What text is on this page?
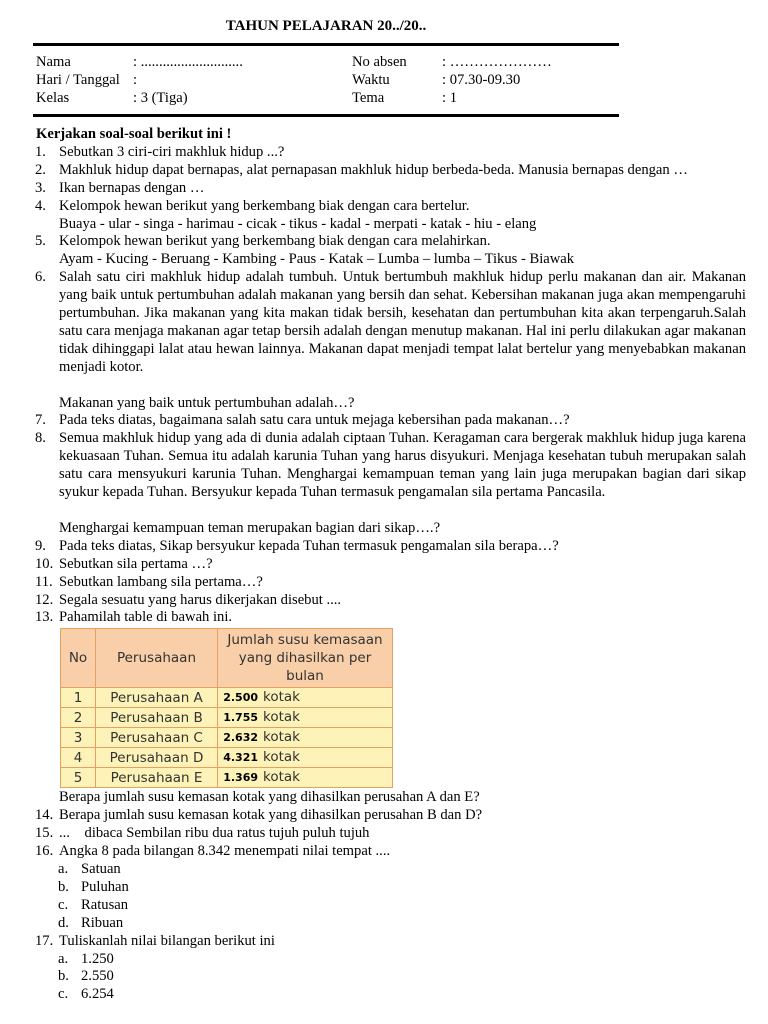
TAHUN PELAJARAN 20../20..
Nama	: ............................	No absen : …………………
Hari / Tanggal :	Waktu	: 07.30-09.30
Kelas	: 3 (Tiga)	Tema	: 1
Kerjakan soal-soal berikut ini !
1. Sebutkan 3 ciri-ciri makhluk hidup ...?
2. Makhluk hidup dapat bernapas, alat pernapasan makhluk hidup berbeda-beda. Manusia bernapas dengan …
3. Ikan bernapas dengan …
4. Kelompok hewan berikut yang berkembang biak dengan cara bertelur.
Buaya - ular - singa - harimau - cicak - tikus - kadal - merpati - katak - hiu - elang
5. Kelompok hewan berikut yang berkembang biak dengan cara melahirkan.
Ayam - Kucing - Beruang - Kambing - Paus - Katak – Lumba – lumba – Tikus - Biawak
6. Salah satu ciri makhluk hidup adalah tumbuh. Untuk bertumbuh makhluk hidup perlu makanan dan air. Makanan yang baik untuk pertumbuhan adalah makanan yang bersih dan sehat. Kebersihan makanan juga akan mempengaruhi pertumbuhan. Jika makanan yang kita makan tidak bersih, kesehatan dan pertumbuhan kita akan terpengaruh.Salah satu cara menjaga makanan agar tetap bersih adalah dengan menutup makanan. Hal ini perlu dilakukan agar makanan tidak dihinggapi lalat atau hewan lainnya. Makanan dapat menjadi tempat lalat bertelur yang menyebabkan makanan menjadi kotor.
Makanan yang baik untuk pertumbuhan adalah…?
7. Pada teks diatas, bagaimana salah satu cara untuk mejaga kebersihan pada makanan…?
8. Semua makhluk hidup yang ada di dunia adalah ciptaan Tuhan. Keragaman cara bergerak makhluk hidup juga karena kekuasaan Tuhan. Semua itu adalah karunia Tuhan yang harus disyukuri. Menjaga kesehatan tubuh merupakan salah satu cara mensyukuri karunia Tuhan. Menghargai kemampuan teman yang lain juga merupakan bagian dari sikap syukur kepada Tuhan. Bersyukur kepada Tuhan termasuk pengamalan sila pertama Pancasila.
Menghargai kemampuan teman merupakan bagian dari sikap….?
9. Pada teks diatas, Sikap bersyukur kepada Tuhan termasuk pengamalan sila berapa…?
10. Sebutkan sila pertama …?
11. Sebutkan lambang sila pertama…?
12. Segala sesuatu yang harus dikerjakan disebut ....
13. Pahamilah table di bawah ini.
No	Perusahaan	Jumlah susu kemasaan yang dihasilkan per bulan
1	Perusahaan A	2.500 kotak
2	Perusahaan B	1.755 kotak
3	Perusahaan C	2.632 kotak
4	Perusahaan D	4.321 kotak
5	Perusahaan E	1.369 kotak
Berapa jumlah susu kemasan kotak yang dihasilkan perusahan A dan E?
14. Berapa jumlah susu kemasan kotak yang dihasilkan perusahan B dan D?
15. ...    dibaca Sembilan ribu dua ratus tujuh puluh tujuh
16. Angka 8 pada bilangan 8.342 menempati nilai tempat ....
a. Satuan
b. Puluhan
c. Ratusan
d. Ribuan
17. Tuliskanlah nilai bilangan berikut ini
a. 1.250
b. 2.550
c. 6.254
